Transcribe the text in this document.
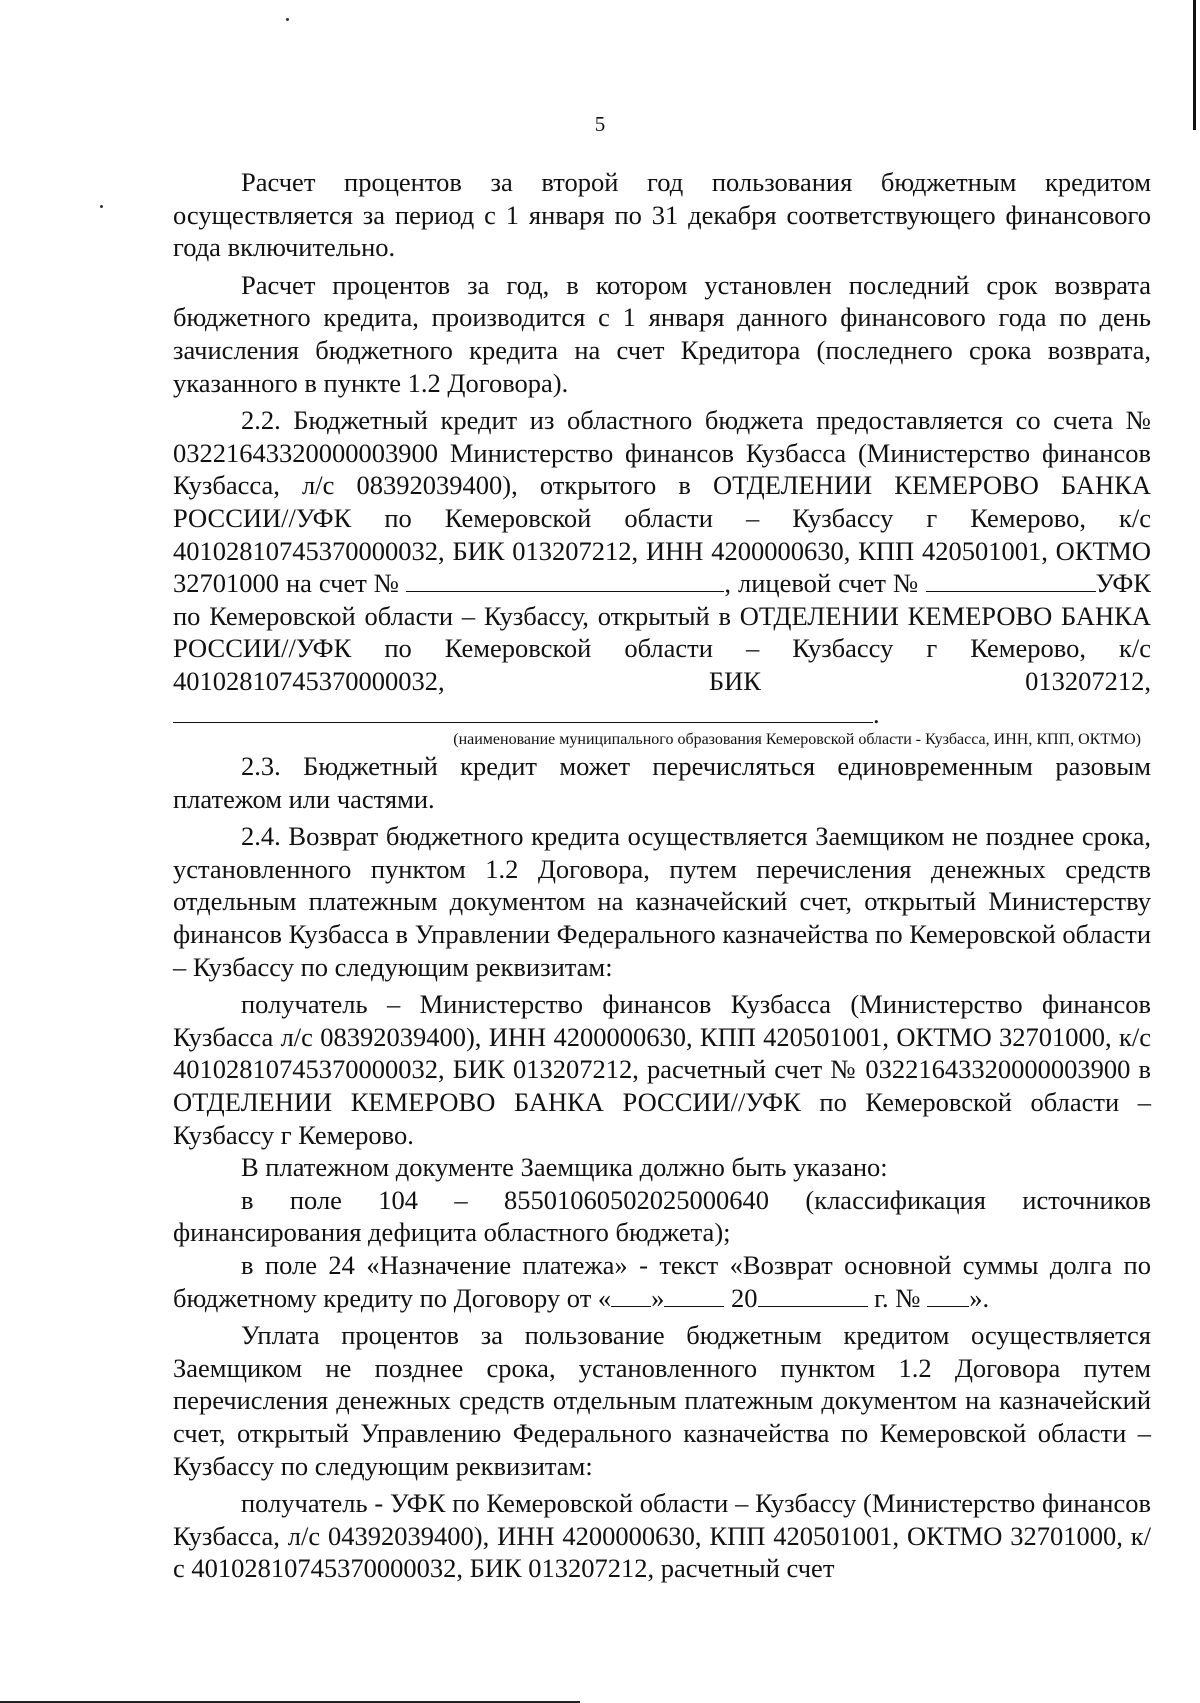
5

Расчет процентов за второй год пользования бюджетным кредитом осуществляется за период с 1 января по 31 декабря соответствующего финансового года включительно.

Расчет процентов за год, в котором установлен последний срок возврата бюджетного кредита, производится с 1 января данного финансового года по день зачисления бюджетного кредита на счет Кредитора (последнего срока возврата, указанного в пункте 1.2 Договора).

2.2. Бюджетный кредит из областного бюджета предоставляется со счета № 03221643320000003900 Министерство финансов Кузбасса (Министерство финансов Кузбасса, л/с 08392039400), открытого в ОТДЕЛЕНИИ КЕМЕРОВО БАНКА РОССИИ//УФК по Кемеровской области – Кузбассу г Кемерово, к/с 40102810745370000032, БИК 013207212, ИНН 4200000630, КПП 420501001, ОКТМО 32701000 на счет №	, лицевой счет №	УФК по Кемеровской области – Кузбассу, открытый в ОТДЕЛЕНИИ КЕМЕРОВО БАНКА РОССИИ//УФК по Кемеровской области – Кузбассу г Кемерово, к/с 40102810745370000032, БИК 013207212,.

(наименование муниципального образования Кемеровской области - Кузбасса, ИНН, КПП, ОКТМО)

2.3. Бюджетный кредит может перечисляться единовременным разовым платежом или частями.

2.4. Возврат бюджетного кредита осуществляется Заемщиком не позднее срока, установленного пунктом 1.2 Договора, путем перечисления денежных средств отдельным платежным документом на казначейский счет, открытый Министерству финансов Кузбасса в Управлении Федерального казначейства по Кемеровской области – Кузбассу по следующим реквизитам:

получатель – Министерство финансов Кузбасса (Министерство финансов Кузбасса л/с 08392039400), ИНН 4200000630, КПП 420501001, ОКТМО 32701000, к/с 40102810745370000032, БИК 013207212, расчетный счет № 03221643320000003900 в ОТДЕЛЕНИИ КЕМЕРОВО БАНКА РОССИИ//УФК по Кемеровской области – Кузбассу г Кемерово.

В платежном документе Заемщика должно быть указано:

в поле 104 – 85501060502025000640 (классификация источников финансирования дефицита областного бюджета);

в поле 24 «Назначение платежа» - текст «Возврат основной суммы долга по бюджетному кредиту по Договору от « »	20	г. № ».

Уплата процентов за пользование бюджетным кредитом осуществляется Заемщиком не позднее срока, установленного пунктом 1.2 Договора путем перечисления денежных средств отдельным платежным документом на казначейский счет, открытый Управлению Федерального казначейства по Кемеровской области – Кузбассу по следующим реквизитам:

получатель - УФК по Кемеровской области – Кузбассу (Министерство финансов Кузбасса, л/с 04392039400), ИНН 4200000630, КПП 420501001, ОКТМО 32701000, к/с 40102810745370000032, БИК 013207212, расчетный счет
